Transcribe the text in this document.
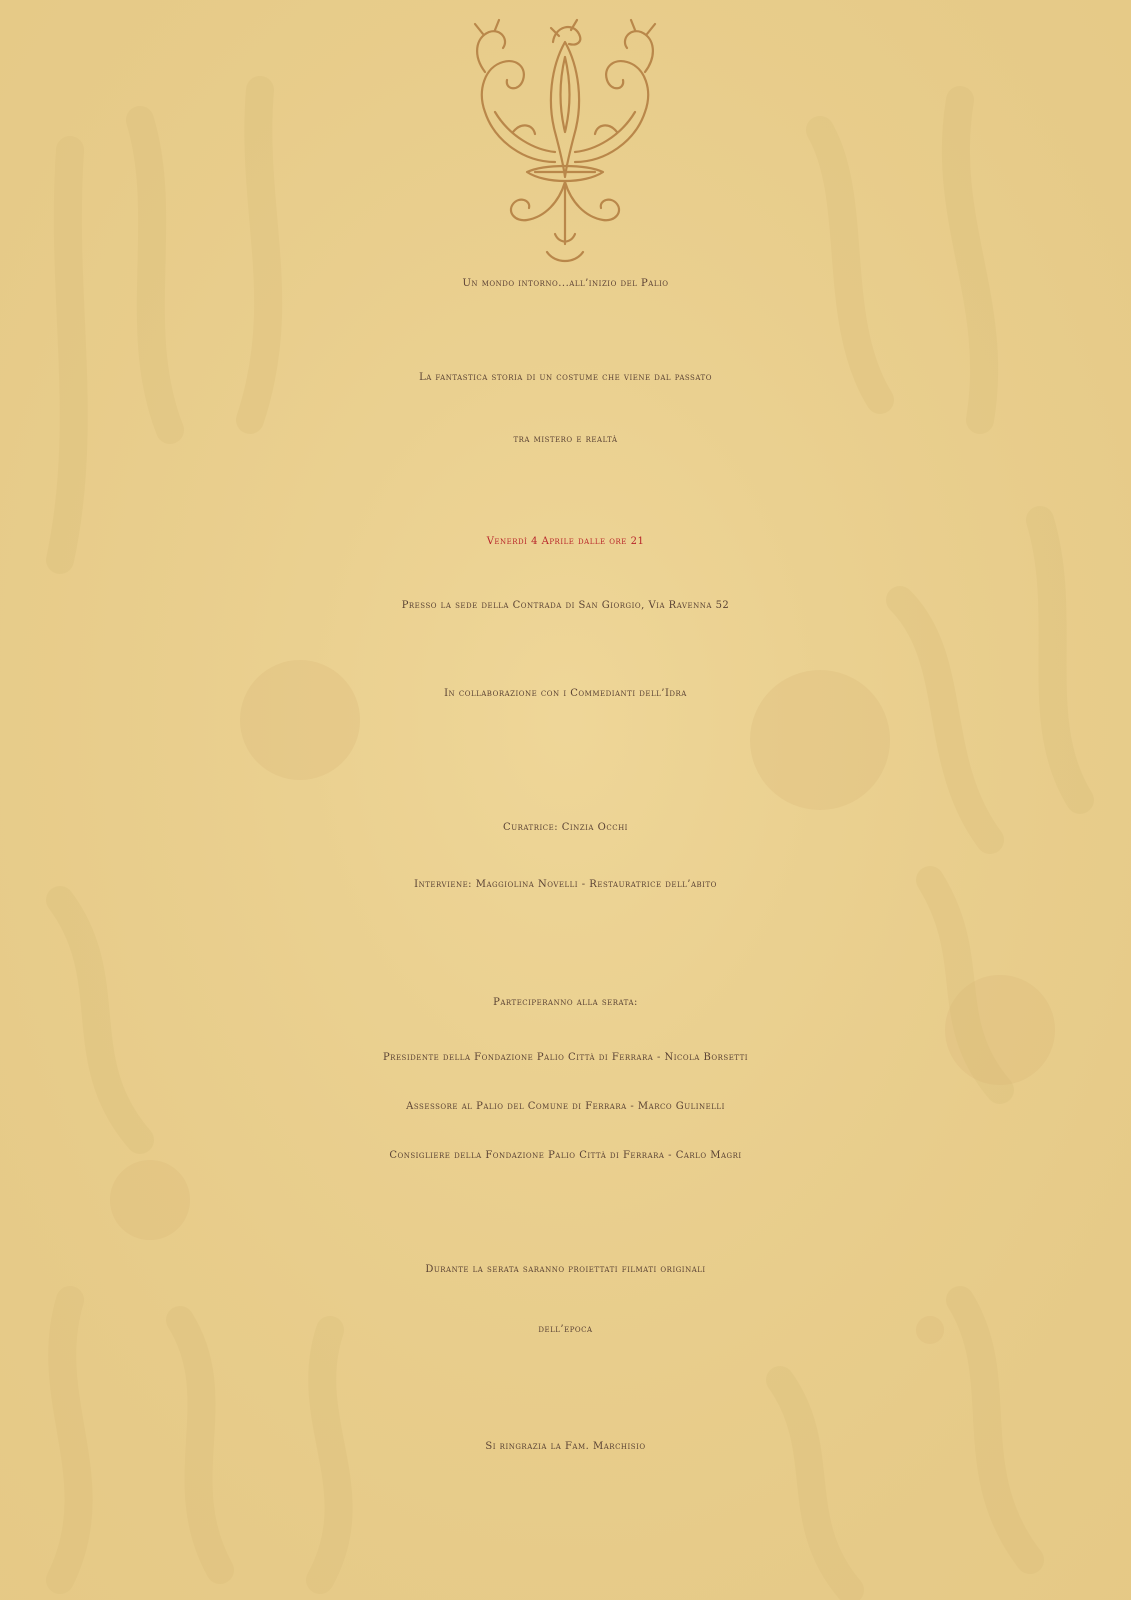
Un mondo intorno...all’inizio del Palio
La fantastica storia di un costume che viene dal passato
tra mistero e realtà
Venerdì 4 Aprile dalle ore 21
Presso la sede della Contrada di San Giorgio, Via Ravenna 52
In collaborazione con i Commedianti dell’Idra
Curatrice: Cinzia Occhi
Interviene: Maggiolina Novelli - Restauratrice dell’abito
Parteciperanno alla serata:
Presidente della Fondazione Palio Città di Ferrara - Nicola Borsetti
Assessore al Palio del Comune di Ferrara - Marco Gulinelli
Consigliere della Fondazione Palio Città di Ferrara - Carlo Magri
Durante la serata saranno proiettati filmati originali
dell’epoca
Si ringrazia la Fam. Marchisio
